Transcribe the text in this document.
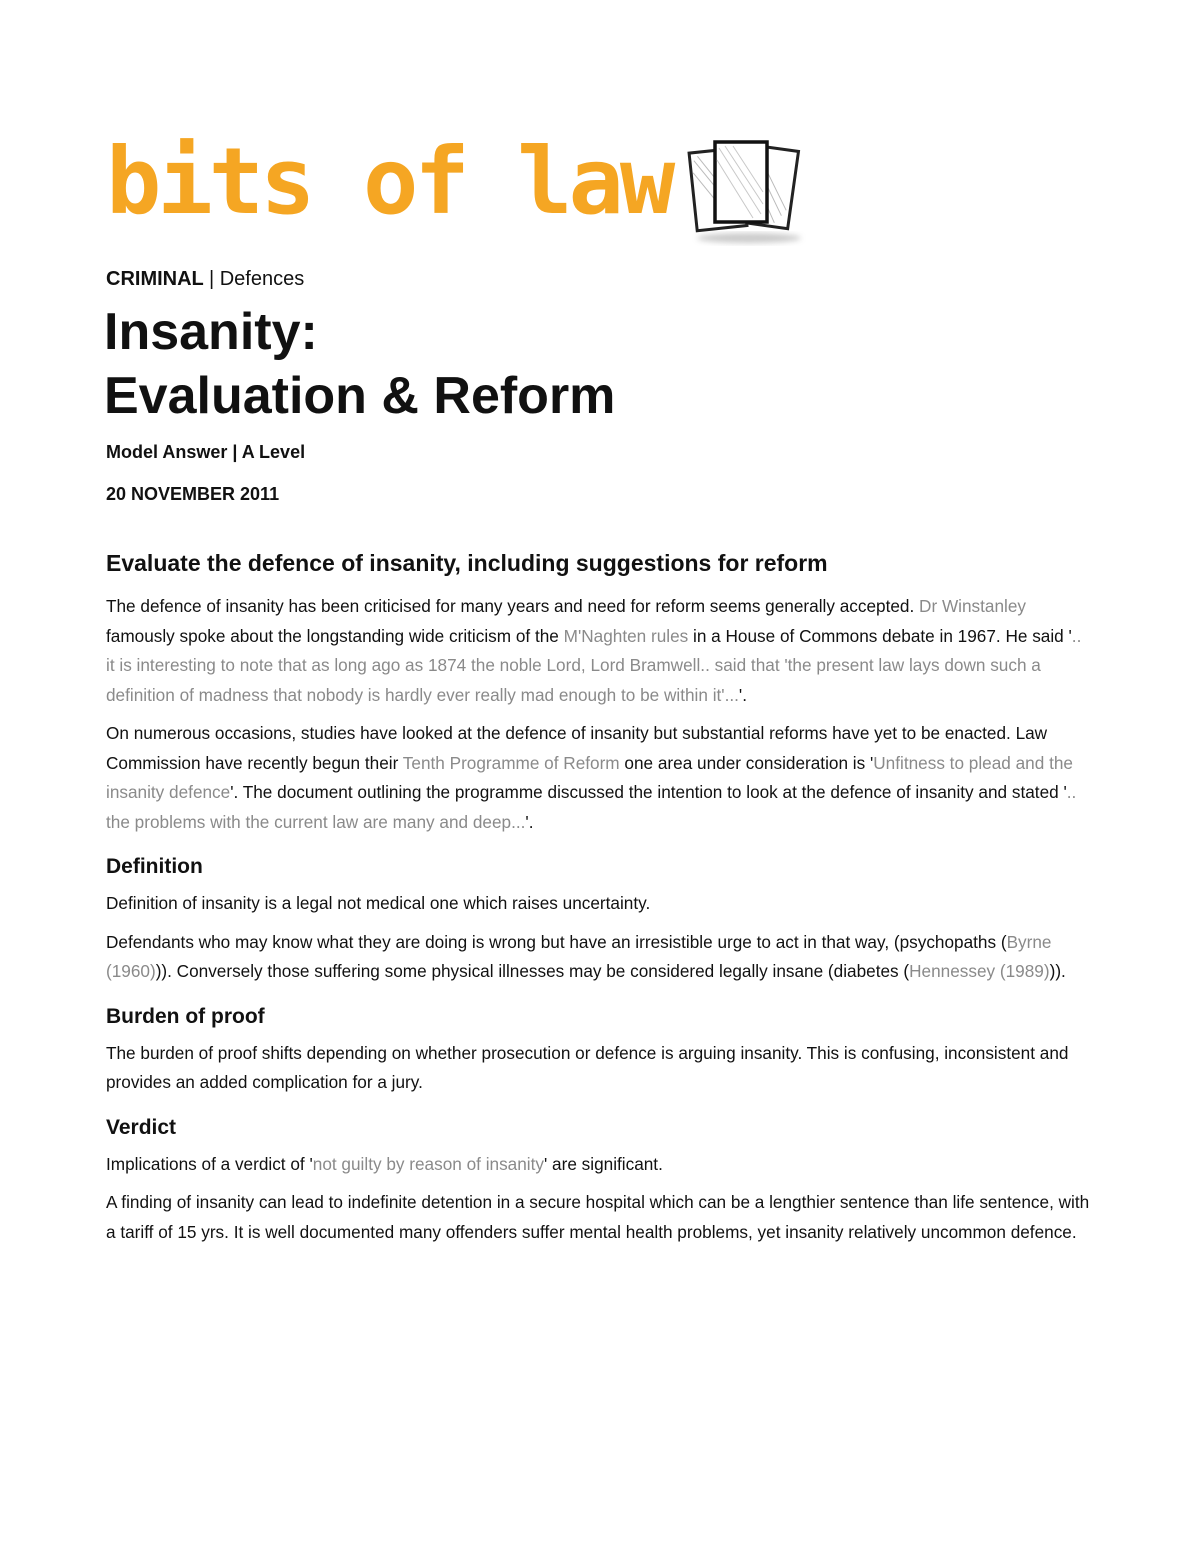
bits of law
CRIMINAL | Defences
Insanity:
Evaluation & Reform
Model Answer | A Level
20 NOVEMBER 2011
Evaluate the defence of insanity, including suggestions for reform

The defence of insanity has been criticised for many years and need for reform seems generally accepted. Dr Winstanley famously spoke about the longstanding wide criticism of the M'Naghten rules in a House of Commons debate in 1967. He said '.. it is interesting to note that as long ago as 1874 the noble Lord, Lord Bramwell.. said that 'the present law lays down such a definition of madness that nobody is hardly ever really mad enough to be within it'...'.

On numerous occasions, studies have looked at the defence of insanity but substantial reforms have yet to be enacted. Law Commission have recently begun their Tenth Programme of Reform one area under consideration is 'Unfitness to plead and the insanity defence'. The document outlining the programme discussed the intention to look at the defence of insanity and stated '.. the problems with the current law are many and deep...'.

Definition

Definition of insanity is a legal not medical one which raises uncertainty.

Defendants who may know what they are doing is wrong but have an irresistible urge to act in that way, (psychopaths (Byrne (1960))). Conversely those suffering some physical illnesses may be considered legally insane (diabetes (Hennessey (1989))).

Burden of proof

The burden of proof shifts depending on whether prosecution or defence is arguing insanity. This is confusing, inconsistent and provides an added complication for a jury.

Verdict

Implications of a verdict of 'not guilty by reason of insanity' are significant.

A finding of insanity can lead to indefinite detention in a secure hospital which can be a lengthier sentence than life sentence, with a tariff of 15 yrs. It is well documented many offenders suffer mental health problems, yet insanity relatively uncommon defence.
